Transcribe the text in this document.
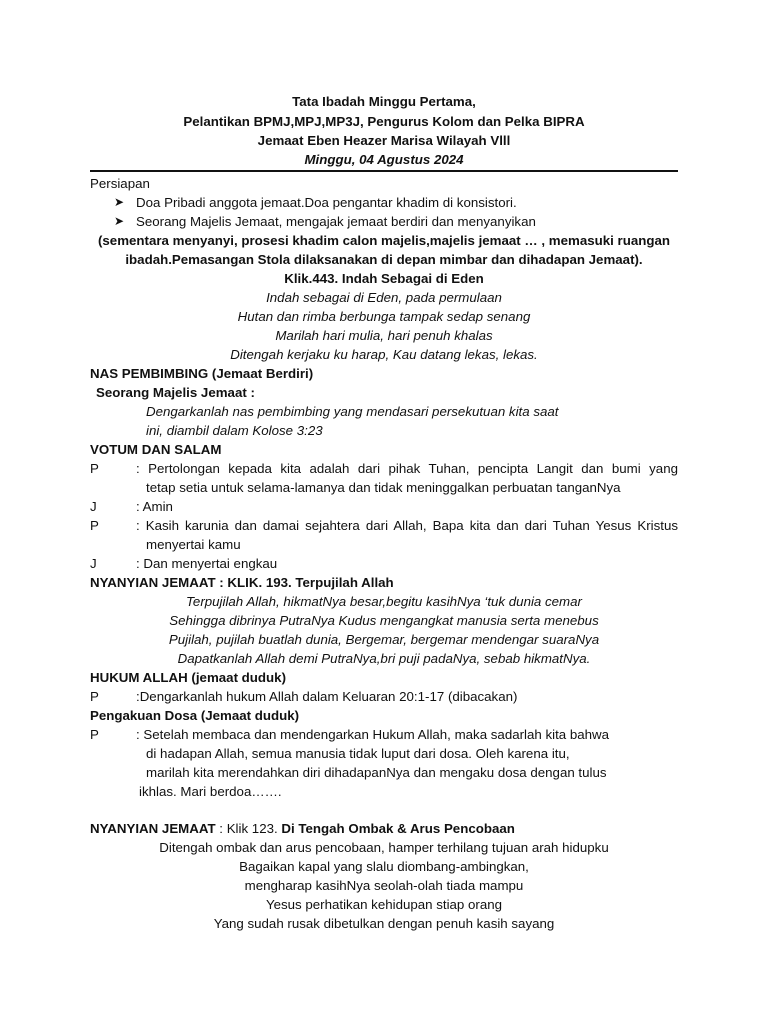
Tata Ibadah Minggu Pertama,
Pelantikan BPMJ,MPJ,MP3J, Pengurus Kolom dan Pelka BIPRA
Jemaat Eben Heazer Marisa Wilayah Vlll
Minggu, 04 Agustus 2024
Persiapan
➤ Doa Pribadi anggota jemaat.Doa pengantar khadim di konsistori.
➤ Seorang Majelis Jemaat, mengajak jemaat berdiri dan menyanyikan
(sementara menyanyi, prosesi khadim calon majelis,majelis jemaat … , memasuki ruangan
ibadah.Pemasangan Stola dilaksanakan di depan mimbar dan dihadapan Jemaat).
Klik.443. Indah Sebagai di Eden
Indah sebagai di Eden, pada permulaan
Hutan dan rimba berbunga tampak sedap senang
Marilah hari mulia, hari penuh khalas
Ditengah kerjaku ku harap, Kau datang lekas, lekas.
NAS PEMBIMBING (Jemaat Berdiri)
Seorang Majelis Jemaat :
Dengarkanlah nas pembimbing yang mendasari persekutuan kita saat
ini, diambil dalam Kolose 3:23
VOTUM DAN SALAM
P	: Pertolongan kepada kita adalah dari pihak Tuhan, pencipta Langit dan bumi yang
tetap setia untuk selama-lamanya dan tidak meninggalkan perbuatan tanganNya
J	: Amin
P	: Kasih karunia dan damai sejahtera dari Allah, Bapa kita dan dari Tuhan Yesus Kristus
menyertai kamu
J	: Dan menyertai engkau
NYANYIAN JEMAAT : KLIK. 193. Terpujilah Allah
Terpujilah Allah, hikmatNya besar,begitu kasihNya ‘tuk dunia cemar
Sehingga dibrinya PutraNya Kudus mengangkat manusia serta menebus
Pujilah, pujilah buatlah dunia, Bergemar, bergemar mendengar suaraNya
Dapatkanlah Allah demi PutraNya,bri puji padaNya, sebab hikmatNya.
HUKUM ALLAH (jemaat duduk)
P	:Dengarkanlah hukum Allah dalam Keluaran 20:1-17 (dibacakan)
Pengakuan Dosa (Jemaat duduk)
P	: Setelah membaca dan mendengarkan Hukum Allah, maka sadarlah kita bahwa
di hadapan Allah, semua manusia tidak luput dari dosa. Oleh karena itu,
marilah kita merendahkan diri dihadapanNya dan mengaku dosa dengan tulus
ikhlas. Mari berdoa…….
NYANYIAN JEMAAT : Klik 123. Di Tengah Ombak & Arus Pencobaan
Ditengah ombak dan arus pencobaan, hamper terhilang tujuan arah hidupku
Bagaikan kapal yang slalu diombang-ambingkan,
mengharap kasihNya seolah-olah tiada mampu
Yesus perhatikan kehidupan stiap orang
Yang sudah rusak dibetulkan dengan penuh kasih sayang
